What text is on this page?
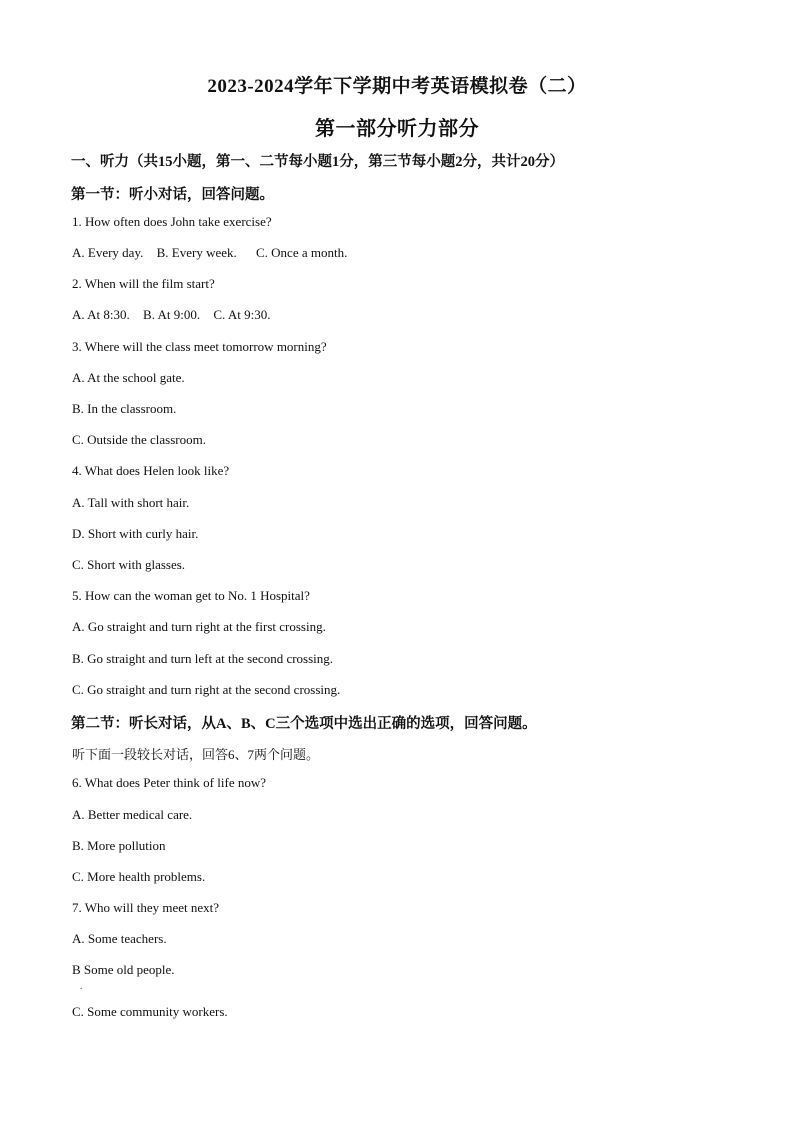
2023-2024学年下学期中考英语模拟卷（二）
第一部分听力部分
一、听力（共15小题，第一、二节每小题1分，第三节每小题2分，共计20分）
第一节：听小对话，回答问题。
1. How often does John take exercise?
A. Every day. B. Every week. C. Once a month.
2. When will the film start?
A. At 8:30. B. At 9:00. C. At 9:30.
3. Where will the class meet tomorrow morning?
A. At the school gate.
B. In the classroom.
C. Outside the classroom.
4. What does Helen look like?
A. Tall with short hair.
D. Short with curly hair.
C. Short with glasses.
5. How can the woman get to No. 1 Hospital?
A. Go straight and turn right at the first crossing.
B. Go straight and turn left at the second crossing.
C. Go straight and turn right at the second crossing.
第二节：听长对话，从A、B、C三个选项中选出正确的选项，回答问题。
听下面一段较长对话，回答6、7两个问题。
6. What does Peter think of life now?
A. Better medical care.
B. More pollution
C. More health problems.
7. Who will they meet next?
A. Some teachers.
B Some old people.
.
C. Some community workers.
